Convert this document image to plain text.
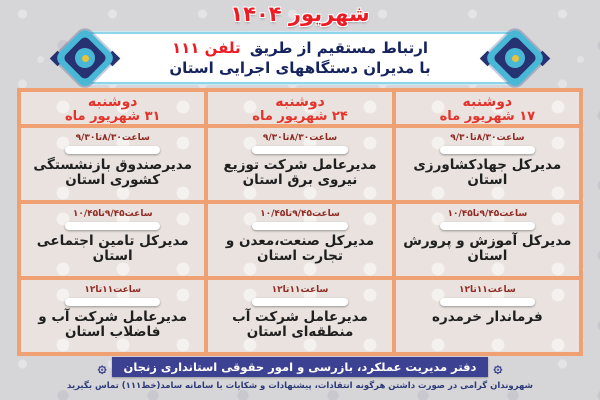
شهریور ۱۴۰۴
ارتباط مستقیم از طریق تلفن ۱۱۱
با مدیران دستگاههای اجرایی استان
دوشنبه
۱۷ شهریور ماه
ساعت۸/۳۰تا۹/۳۰
مدیرکل جهادکشاورزی استان
ساعت۹/۴۵تا۱۰/۴۵
مدیرکل آموزش و پرورش استان
ساعت۱۱تا۱۲
فرماندار خرمدره
دوشنبه
۲۴ شهریور ماه
ساعت۸/۳۰تا۹/۳۰
مدیرعامل شرکت توزیع نیروی برق استان
ساعت۹/۴۵تا۱۰/۴۵
مدیرکل صنعت،معدن و تجارت استان
ساعت۱۱تا۱۲
مدیرعامل شرکت آب منطقه‌ای استان
دوشنبه
۳۱ شهریور ماه
ساعت۸/۳۰تا۹/۳۰
مدیرصندوق بازنشستگی کشوری استان
ساعت۹/۴۵تا۱۰/۴۵
مدیرکل تامین اجتماعی استان
ساعت۱۱تا۱۲
مدیرعامل شرکت آب و فاضلاب استان
۞
دفتر مدیریت عملکرد، بازرسی و امور حقوقی استانداری زنجان
۞
شهروندان گرامی در صورت داشتن هرگونه انتقادات، پیشنهادات و شکایات با سامانه سامد(خط۱۱۱) تماس بگیرید
